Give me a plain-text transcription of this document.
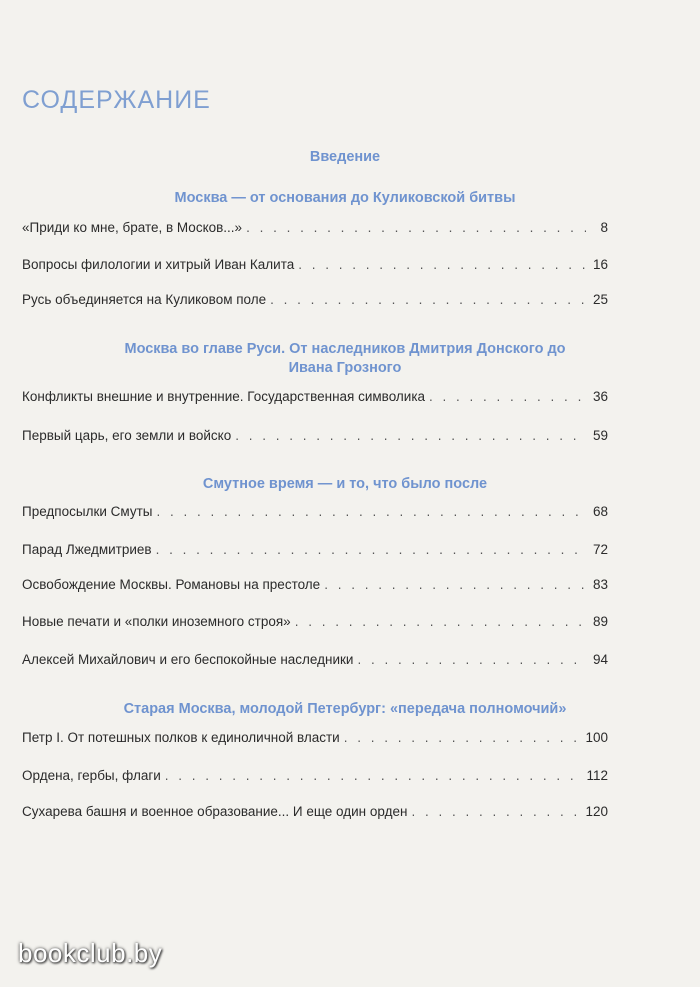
СОДЕРЖАНИЕ
Введение
Москва — от основания до Куликовской битвы
«Приди ко мне, брате, в Москов...» . . .	8
Вопросы филологии и хитрый Иван Калита . . .	16
Русь объединяется на Куликовом поле . . .	25
Москва во главе Руси. От наследников Дмитрия Донского до Ивана Грозного
Конфликты внешние и внутренние. Государственная символика . . .	36
Первый царь, его земли и войско . . .	59
Смутное время — и то, что было после
Предпосылки Смуты . . .	68
Парад Лжедмитриев . . .	72
Освобождение Москвы. Романовы на престоле . . .	83
Новые печати и «полки иноземного строя» . . .	89
Алексей Михайлович и его беспокойные наследники . . .	94
Старая Москва, молодой Петербург: «передача полномочий»
Петр I. От потешных полков к единоличной власти . . .	100
Ордена, гербы, флаги . . .	112
Сухарева башня и военное образование... И еще один орден . . .	120
bookclub.by
